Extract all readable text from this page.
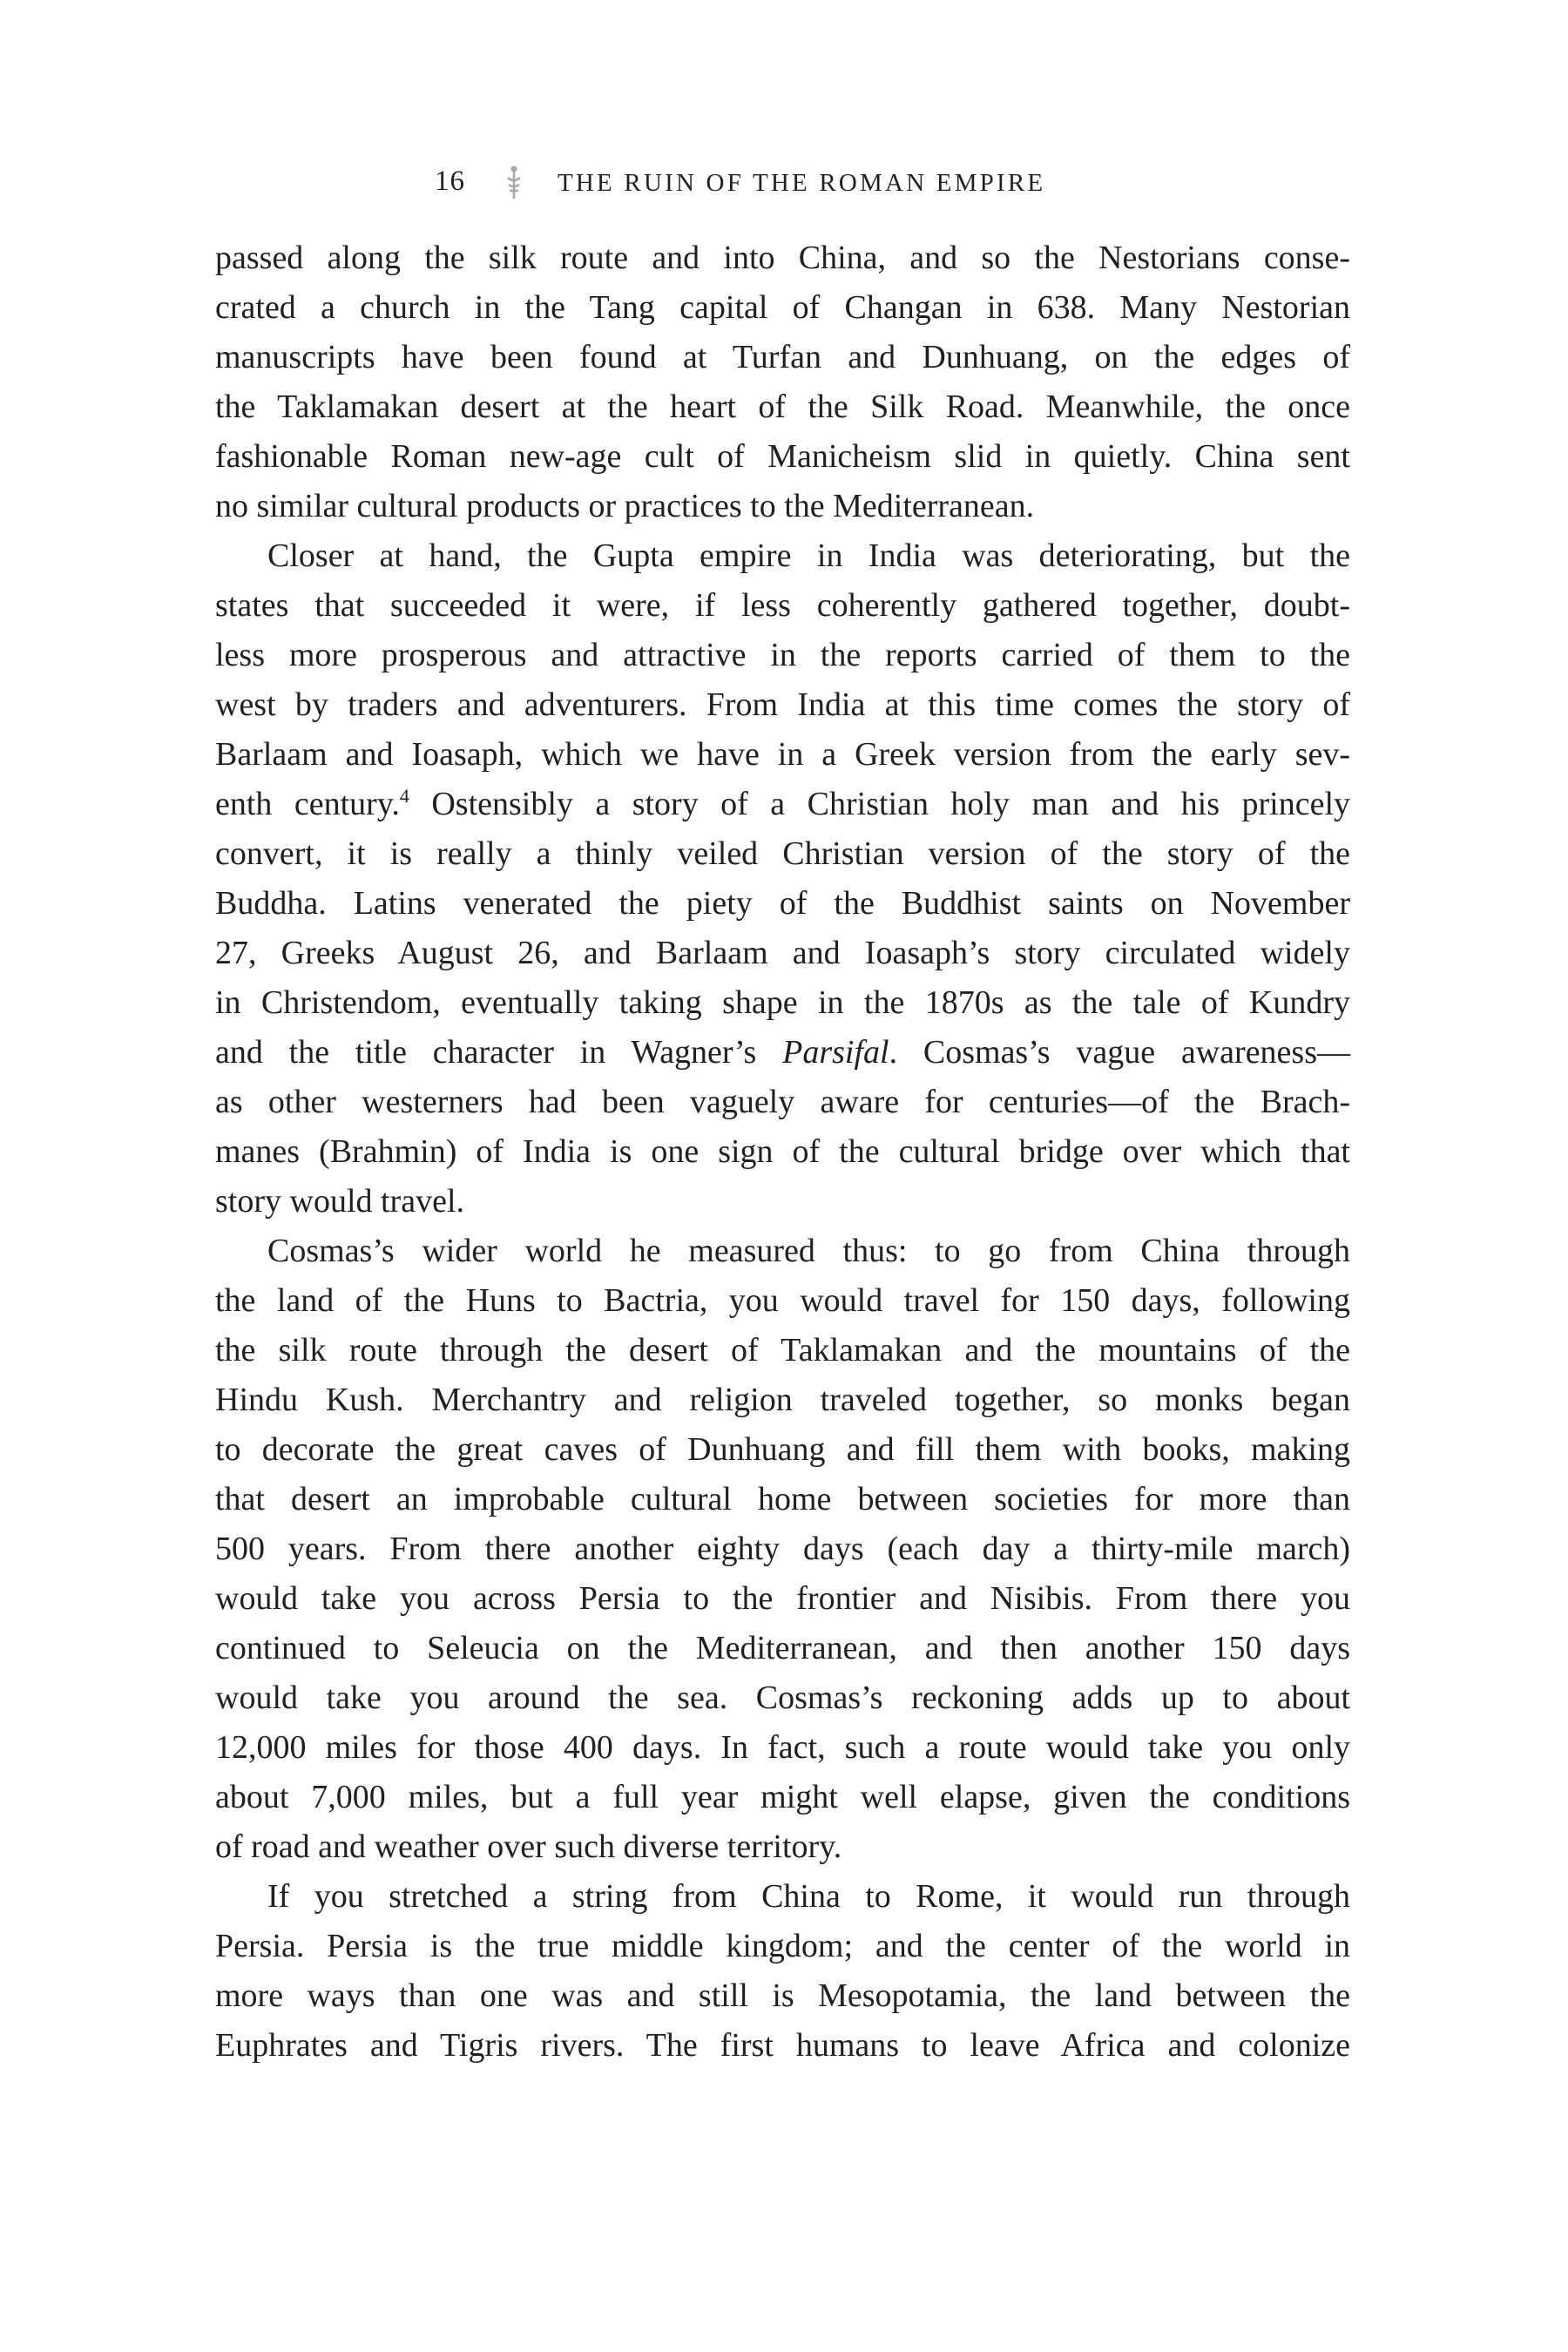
16	THE RUIN OF THE ROMAN EMPIRE
passed along the silk route and into China, and so the Nestorians conse-
crated a church in the Tang capital of Changan in 638. Many Nestorian
manuscripts have been found at Turfan and Dunhuang, on the edges of
the Taklamakan desert at the heart of the Silk Road. Meanwhile, the once
fashionable Roman new-age cult of Manicheism slid in quietly. China sent
no similar cultural products or practices to the Mediterranean.
Closer at hand, the Gupta empire in India was deteriorating, but the
states that succeeded it were, if less coherently gathered together, doubt-
less more prosperous and attractive in the reports carried of them to the
west by traders and adventurers. From India at this time comes the story of
Barlaam and Ioasaph, which we have in a Greek version from the early sev-
enth century.$^4$ Ostensibly a story of a Christian holy man and his princely
convert, it is really a thinly veiled Christian version of the story of the
Buddha. Latins venerated the piety of the Buddhist saints on November
27, Greeks August 26, and Barlaam and Ioasaph’s story circulated widely
in Christendom, eventually taking shape in the 1870s as the tale of Kundry
and the title character in Wagner’s Parsifal. Cosmas’s vague awareness—
as other westerners had been vaguely aware for centuries—of the Brach-
manes (Brahmin) of India is one sign of the cultural bridge over which that
story would travel.
Cosmas’s wider world he measured thus: to go from China through
the land of the Huns to Bactria, you would travel for 150 days, following
the silk route through the desert of Taklamakan and the mountains of the
Hindu Kush. Merchantry and religion traveled together, so monks began
to decorate the great caves of Dunhuang and fill them with books, making
that desert an improbable cultural home between societies for more than
500 years. From there another eighty days (each day a thirty-mile march)
would take you across Persia to the frontier and Nisibis. From there you
continued to Seleucia on the Mediterranean, and then another 150 days
would take you around the sea. Cosmas’s reckoning adds up to about
12,000 miles for those 400 days. In fact, such a route would take you only
about 7,000 miles, but a full year might well elapse, given the conditions
of road and weather over such diverse territory.
If you stretched a string from China to Rome, it would run through
Persia. Persia is the true middle kingdom; and the center of the world in
more ways than one was and still is Mesopotamia, the land between the
Euphrates and Tigris rivers. The first humans to leave Africa and colonize
